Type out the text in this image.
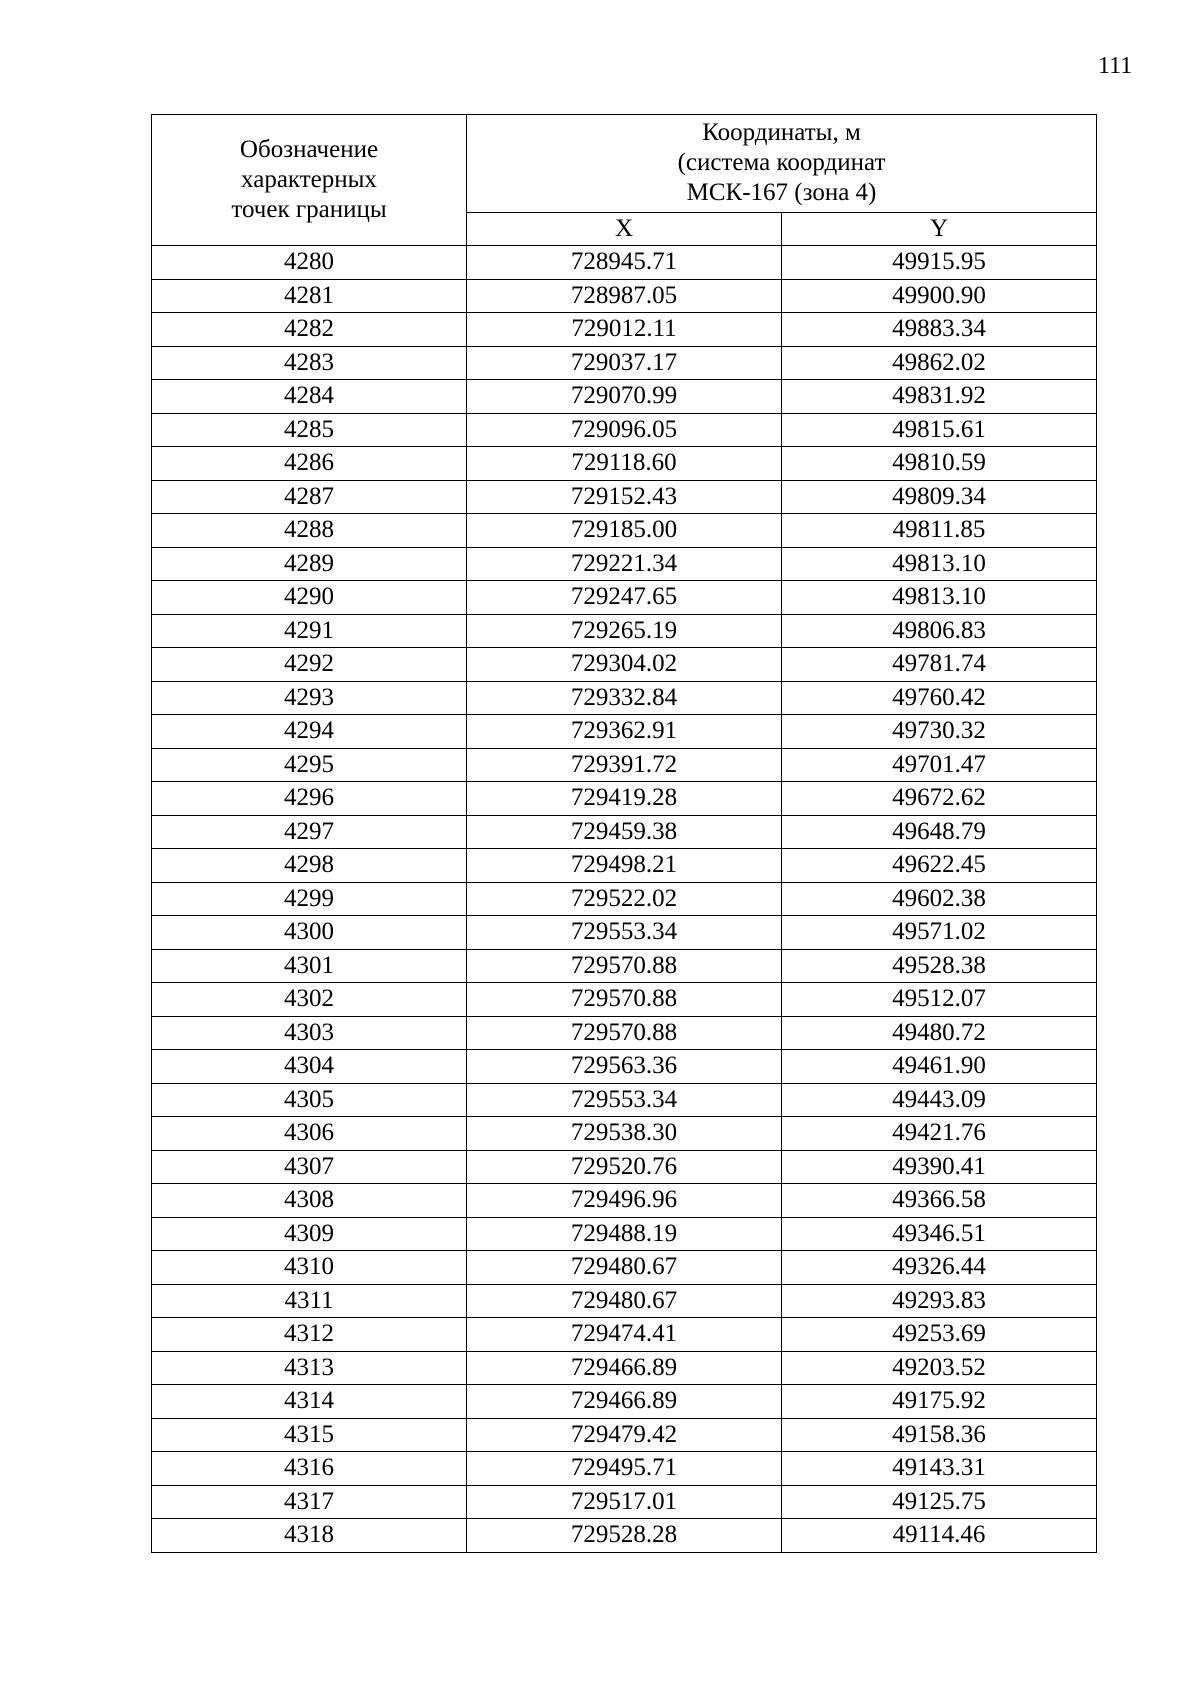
111
Обозначение
характерных
точек границы	Координаты, м
(система координат
МСК-167 (зона 4)	

	X	Y
4280	728945.71	49915.95
4281	728987.05	49900.90
4282	729012.11	49883.34
4283	729037.17	49862.02
4284	729070.99	49831.92
4285	729096.05	49815.61
4286	729118.60	49810.59
4287	729152.43	49809.34
4288	729185.00	49811.85
4289	729221.34	49813.10
4290	729247.65	49813.10
4291	729265.19	49806.83
4292	729304.02	49781.74
4293	729332.84	49760.42
4294	729362.91	49730.32
4295	729391.72	49701.47
4296	729419.28	49672.62
4297	729459.38	49648.79
4298	729498.21	49622.45
4299	729522.02	49602.38
4300	729553.34	49571.02
4301	729570.88	49528.38
4302	729570.88	49512.07
4303	729570.88	49480.72
4304	729563.36	49461.90
4305	729553.34	49443.09
4306	729538.30	49421.76
4307	729520.76	49390.41
4308	729496.96	49366.58
4309	729488.19	49346.51
4310	729480.67	49326.44
4311	729480.67	49293.83
4312	729474.41	49253.69
4313	729466.89	49203.52
4314	729466.89	49175.92
4315	729479.42	49158.36
4316	729495.71	49143.31
4317	729517.01	49125.75
4318	729528.28	49114.46
